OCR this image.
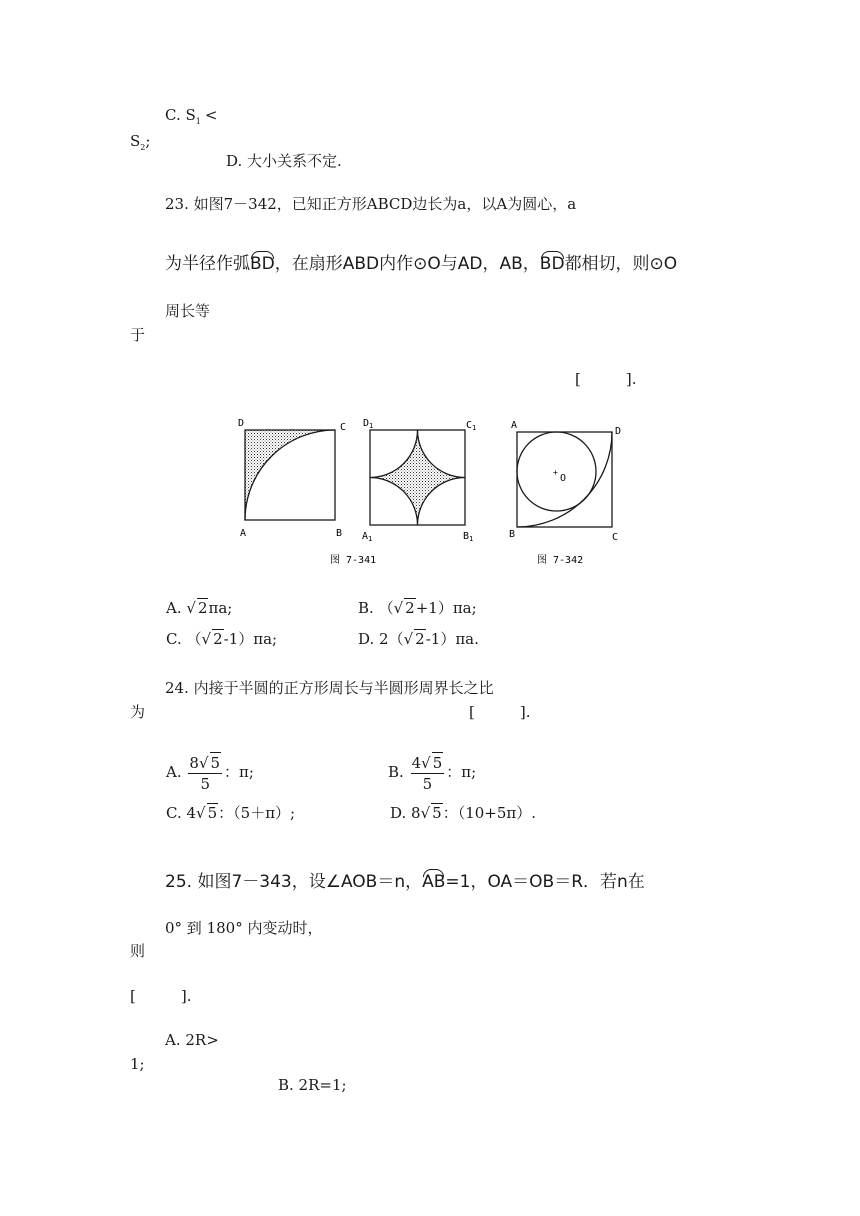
C. $S_1$ <
$S_2$;
D. 大小关系不定.
23. 如图7－342，已知正方形ABCD边长为a，以A为圆心，a
为半径作弧BD，在扇形ABD内作⊙O与AD，AB，BD都相切，则⊙O
周长等
于
[　　　].
D	C
A	B
$D_1$	$C_1$
$A_1$	$B_1$
图 7-341
+
O
A
D
B	C
图 7-342
A. √ 2πa;	B. （√ 2+1）πa;
C. （√ 2-1）πa;	D. 2（√ 2-1）πa.
24. 内接于半圆的正方形周长与半圆形周界长之比
为	[　　　].
A. $\frac{8√ 5}{5}$ ：π;	B. $\frac{4√ 5}{5}$ ：π;
C. 4√ 5：（5＋π）;	D. 8√ 5：（10+5π）.
25. 如图7－343，设∠AOB＝n，AB=1，OA＝OB＝R．若n在
0° 到 180° 内变动时，
则
[　　　].
A. 2R>
1;
B. 2R=1;
